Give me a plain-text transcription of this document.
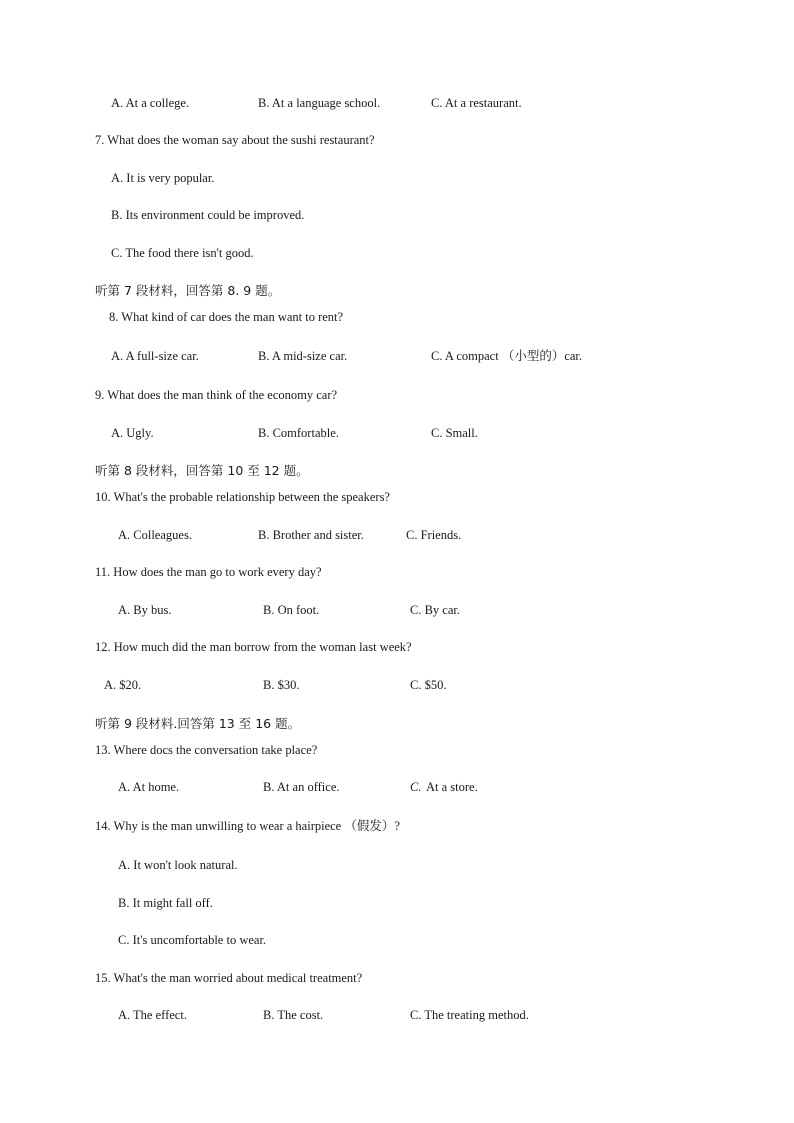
A. At a college.	B. At a language school.	C. At a restaurant.
7. What does the woman say about the sushi restaurant?
A. It is very popular.
B. Its environment could be improved.
C. The food there isn't good.
听第 7 段材料，回答第 8. 9 题。
8. What kind of car does the man want to rent?
A. A full-size car.	B. A mid-size car.	C. A compact （小型的）car.
9. What does the man think of the economy car?
A. Ugly.	B. Comfortable.	C. Small.
听第 8 段材料，回答第 10 至 12 题。
10. What's the probable relationship between the speakers?
A. Colleagues.	B. Brother and sister.	C. Friends.
11. How does the man go to work every day?
A. By bus.	B. On foot.	C. By car.
12. How much did the man borrow from the woman last week?
A. $20.	B. $30.	C. $50.
听第 9 段材料.回答第 13 至 16 题。
13. Where docs the conversation take place?
A. At home.	B. At an office.	C. At a store.
14. Why is the man unwilling to wear a hairpiece （假发）?
A. It won't look natural.
B. It might fall off.
C. It's uncomfortable to wear.
15. What's the man worried about medical treatment?
A. The effect.	B. The cost.	C. The treating method.
